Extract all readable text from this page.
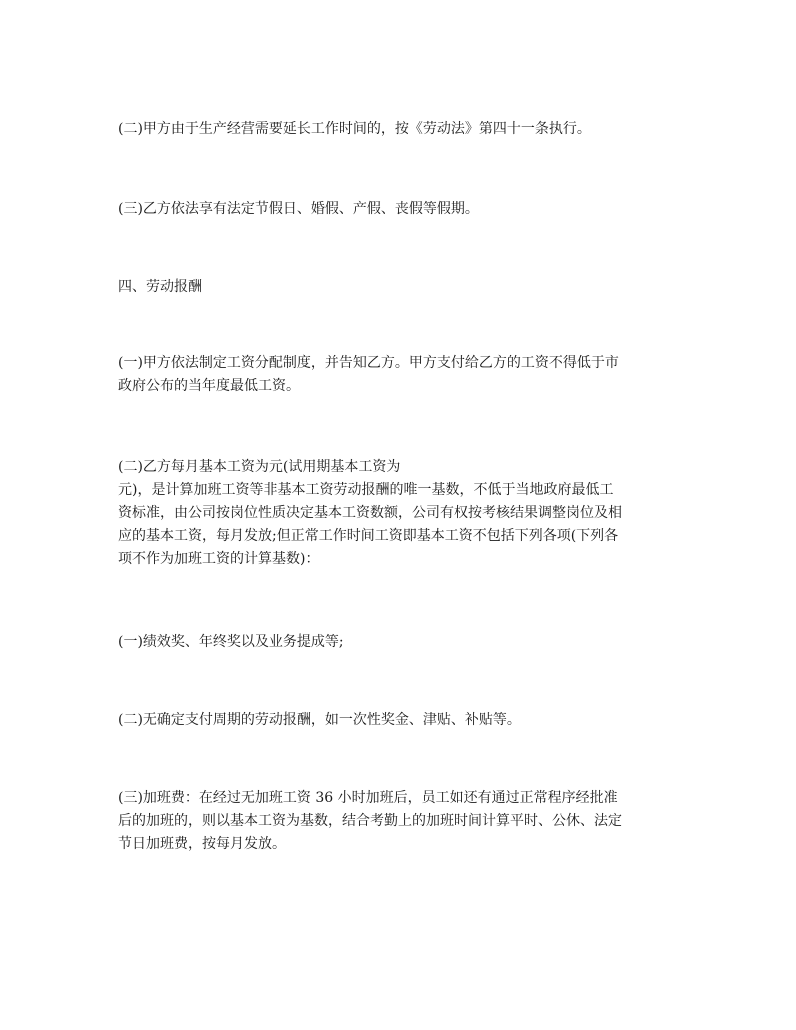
(二)甲方由于生产经营需要延长工作时间的，按《劳动法》第四十一条执行。

(三)乙方依法享有法定节假日、婚假、产假、丧假等假期。

四、劳动报酬

(一)甲方依法制定工资分配制度，并告知乙方。甲方支付给乙方的工资不得低于市
政府公布的当年度最低工资。

(二)乙方每月基本工资为元(试用期基本工资为
元)，是计算加班工资等非基本工资劳动报酬的唯一基数，不低于当地政府最低工
资标准，由公司按岗位性质决定基本工资数额，公司有权按考核结果调整岗位及相
应的基本工资，每月发放;但正常工作时间工资即基本工资不包括下列各项(下列各
项不作为加班工资的计算基数)：

(一)绩效奖、年终奖以及业务提成等;

(二)无确定支付周期的劳动报酬，如一次性奖金、津贴、补贴等。

(三)加班费：在经过无加班工资 36 小时加班后，员工如还有通过正常程序经批准
后的加班的，则以基本工资为基数，结合考勤上的加班时间计算平时、公休、法定
节日加班费，按每月发放。
